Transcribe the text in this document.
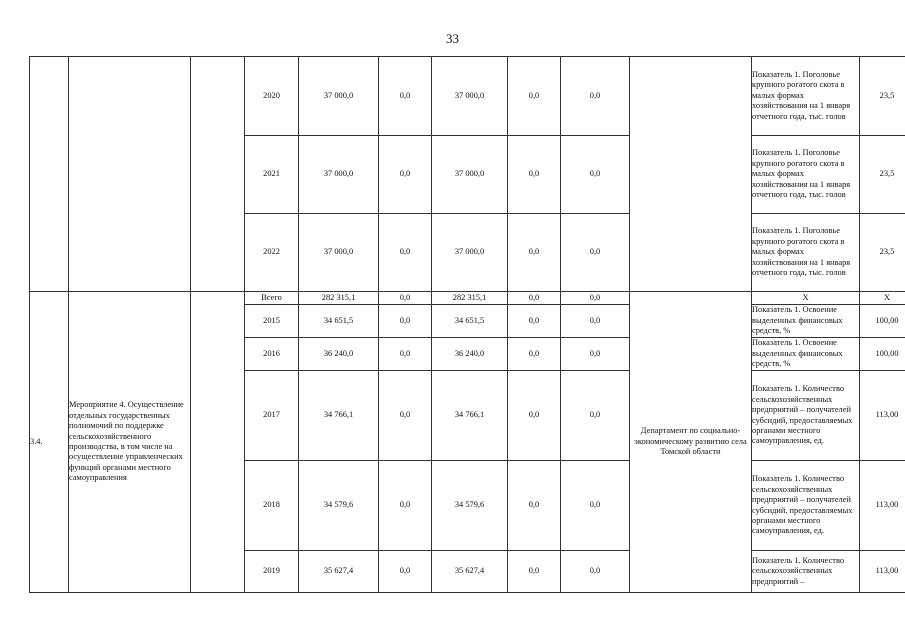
33
			2020	37 000,0	0,0	37 000,0	0,0	0,0		Показатель 1. Поголовье крупного рогатого скота в малых формах хозяйствования на 1 января отчетного года, тыс. голов	23,5
			2021	37 000,0	0,0	37 000,0	0,0	0,0		Показатель 1. Поголовье крупного рогатого скота в малых формах хозяйствования на 1 января отчетного года, тыс. голов	23,5
			2022	37 000,0	0,0	37 000,0	0,0	0,0		Показатель 1. Поголовье крупного рогатого скота в малых формах хозяйствования на 1 января отчетного года, тыс. голов	23,5
3.4.	Мероприятие 4. Осуществление отдельных государственных полномочий по поддержке сельскохозяйственного производства, в том числе на осуществление управленческих функций органами местного самоуправления		Всего	282 315,1	0,0	282 315,1	0,0	0,0	Департамент по социально-экономическому развитию села Томской области	X	X
			2015	34 651,5	0,0	34 651,5	0,0	0,0		Показатель 1. Освоение выделенных финансовых средств, %	100,00
			2016	36 240,0	0,0	36 240,0	0,0	0,0		Показатель 1. Освоение выделенных финансовых средств, %	100,00
			2017	34 766,1	0,0	34 766,1	0,0	0,0		Показатель 1. Количество сельскохозяйственных предприятий – получателей субсидий, предоставляемых органами местного самоуправления, ед.	113,00
			2018	34 579,6	0,0	34 579,6	0,0	0,0		Показатель 1. Количество сельскохозяйственных предприятий – получателей субсидий, предоставляемых органами местного самоуправления, ед.	113,00
			2019	35 627,4	0,0	35 627,4	0,0	0,0		Показатель 1. Количество сельскохозяйственных предприятий –	113,00
